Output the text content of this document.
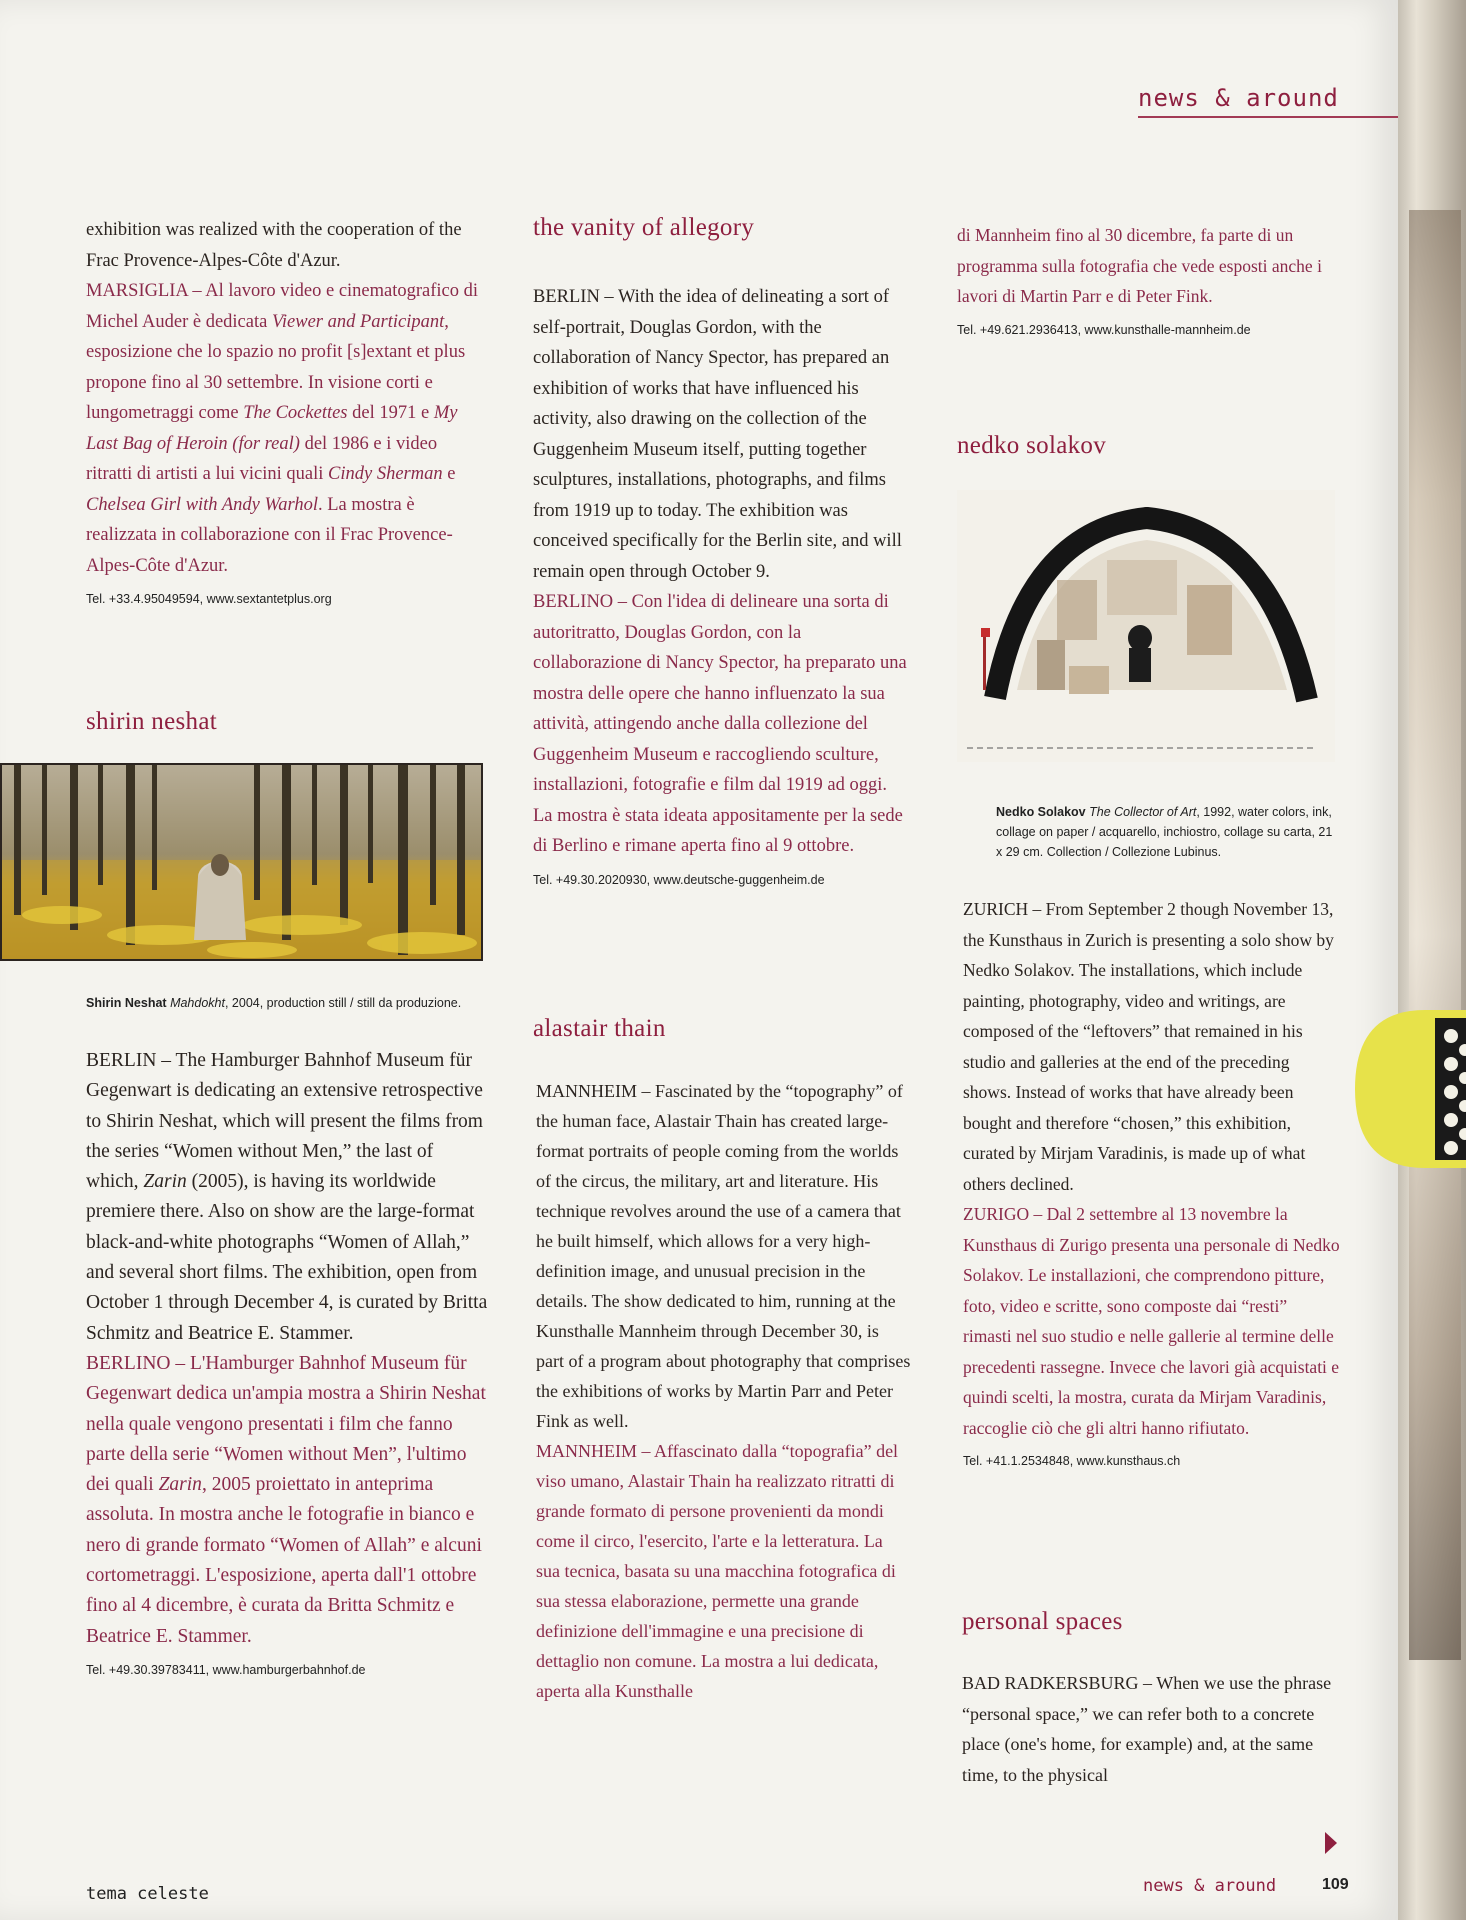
news & around

exhibition was realized with the cooperation of the Frac Provence-Alpes-Côte d'Azur.

MARSIGLIA – Al lavoro video e cinematografico di Michel Auder è dedicata Viewer and Participant, esposizione che lo spazio no profit [s]extant et plus propone fino al 30 settembre. In visione corti e lungometraggi come The Cockettes del 1971 e My Last Bag of Heroin (for real) del 1986 e i video ritratti di artisti a lui vicini quali Cindy Sherman e Chelsea Girl with Andy Warhol. La mostra è realizzata in collaborazione con il Frac Provence-Alpes-Côte d'Azur.

Tel. +33.4.95049594, www.sextantetplus.org

shirin neshat
Shirin Neshat Mahdokht, 2004, production still / still da produzione.

BERLIN – The Hamburger Bahnhof Museum für Gegenwart is dedicating an extensive retrospective to Shirin Neshat, which will present the films from the series “Women without Men,” the last of which, Zarin (2005), is having its worldwide premiere there. Also on show are the large-format black-and-white photographs “Women of Allah,” and several short films. The exhibition, open from October 1 through December 4, is curated by Britta Schmitz and Beatrice E. Stammer.

BERLINO – L'Hamburger Bahnhof Museum für Gegenwart dedica un'ampia mostra a Shirin Neshat nella quale vengono presentati i film che fanno parte della serie “Women without Men”, l'ultimo dei quali Zarin, 2005 proiettato in anteprima assoluta. In mostra anche le fotografie in bianco e nero di grande formato “Women of Allah” e alcuni cortometraggi. L'esposizione, aperta dall'1 ottobre fino al 4 dicembre, è curata da Britta Schmitz e Beatrice E. Stammer.

Tel. +49.30.39783411, www.hamburgerbahnhof.de

the vanity of allegory

BERLIN – With the idea of delineating a sort of self-portrait, Douglas Gordon, with the collaboration of Nancy Spector, has prepared an exhibition of works that have influenced his activity, also drawing on the collection of the Guggenheim Museum itself, putting together sculptures, installations, photographs, and films from 1919 up to today. The exhibition was conceived specifically for the Berlin site, and will remain open through October 9.

BERLINO – Con l'idea di delineare una sorta di autoritratto, Douglas Gordon, con la collaborazione di Nancy Spector, ha preparato una mostra delle opere che hanno influenzato la sua attività, attingendo anche dalla collezione del Guggenheim Museum e raccogliendo sculture, installazioni, fotografie e film dal 1919 ad oggi. La mostra è stata ideata appositamente per la sede di Berlino e rimane aperta fino al 9 ottobre.

Tel. +49.30.2020930, www.deutsche-guggenheim.de

alastair thain

MANNHEIM – Fascinated by the “topography” of the human face, Alastair Thain has created large-format portraits of people coming from the worlds of the circus, the military, art and literature. His technique revolves around the use of a camera that he built himself, which allows for a very high-definition image, and unusual precision in the details. The show dedicated to him, running at the Kunsthalle Mannheim through December 30, is part of a program about photography that comprises the exhibitions of works by Martin Parr and Peter Fink as well.

MANNHEIM – Affascinato dalla “topografia” del viso umano, Alastair Thain ha realizzato ritratti di grande formato di persone provenienti da mondi come il circo, l'esercito, l'arte e la letteratura. La sua tecnica, basata su una macchina fotografica di sua stessa elaborazione, permette una grande definizione dell'immagine e una precisione di dettaglio non comune. La mostra a lui dedicata, aperta alla Kunsthalle

di Mannheim fino al 30 dicembre, fa parte di un programma sulla fotografia che vede esposti anche i lavori di Martin Parr e di Peter Fink.

Tel. +49.621.2936413, www.kunsthalle-mannheim.de

nedko solakov
Nedko Solakov The Collector of Art, 1992, water colors, ink, collage on paper / acquarello, inchiostro, collage su carta, 21 x 29 cm. Collection / Collezione Lubinus.

ZURICH – From September 2 though November 13, the Kunsthaus in Zurich is presenting a solo show by Nedko Solakov. The installations, which include painting, photography, video and writings, are composed of the “leftovers” that remained in his studio and galleries at the end of the preceding shows. Instead of works that have already been bought and therefore “chosen,” this exhibition, curated by Mirjam Varadinis, is made up of what others declined.

ZURIGO – Dal 2 settembre al 13 novembre la Kunsthaus di Zurigo presenta una personale di Nedko Solakov. Le installazioni, che comprendono pitture, foto, video e scritte, sono composte dai “resti” rimasti nel suo studio e nelle gallerie al termine delle precedenti rassegne. Invece che lavori già acquistati e quindi scelti, la mostra, curata da Mirjam Varadinis, raccoglie ciò che gli altri hanno rifiutato.

Tel. +41.1.2534848, www.kunsthaus.ch

personal spaces

BAD RADKERSBURG – When we use the phrase “personal space,” we can refer both to a concrete place (one's home, for example) and, at the same time, to the physical

tema celeste	news & around	109
